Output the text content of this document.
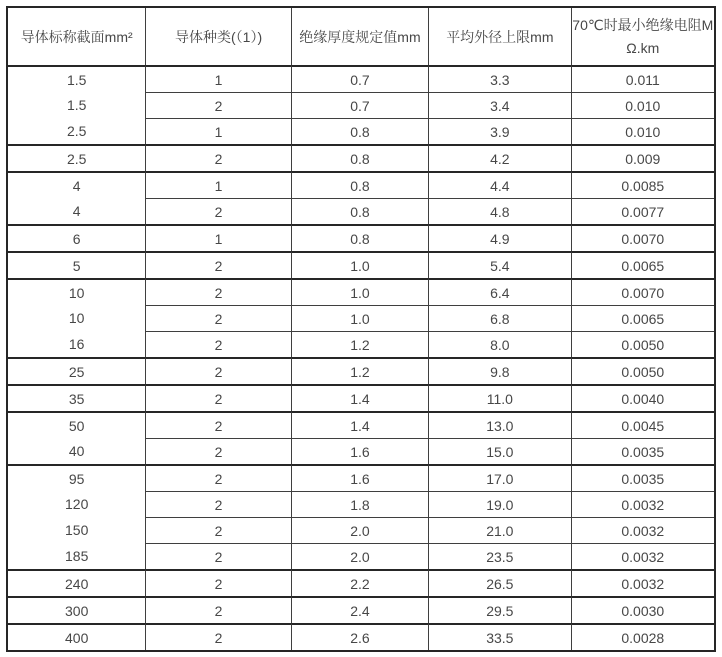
导体标称截面mm²	导体种类(（1）)	绝缘厚度规定值mm	平均外径上限mm	70℃时最小绝缘电阻M
Ω.km

1.5	1	0.7	3.3	0.011
1.5	2	0.7	3.4	0.010
2.5	1	0.8	3.9	0.010
2.5	2	0.8	4.2	0.009
4	1	0.8	4.4	0.0085
4	2	0.8	4.8	0.0077
6	1	0.8	4.9	0.0070
5	2	1.0	5.4	0.0065
10	2	1.0	6.4	0.0070
10	2	1.0	6.8	0.0065
16	2	1.2	8.0	0.0050
25	2	1.2	9.8	0.0050
35	2	1.4	11.0	0.0040
50	2	1.4	13.0	0.0045
40	2	1.6	15.0	0.0035
95	2	1.6	17.0	0.0035
120	2	1.8	19.0	0.0032
150	2	2.0	21.0	0.0032
185	2	2.0	23.5	0.0032
240	2	2.2	26.5	0.0032
300	2	2.4	29.5	0.0030
400	2	2.6	33.5	0.0028
